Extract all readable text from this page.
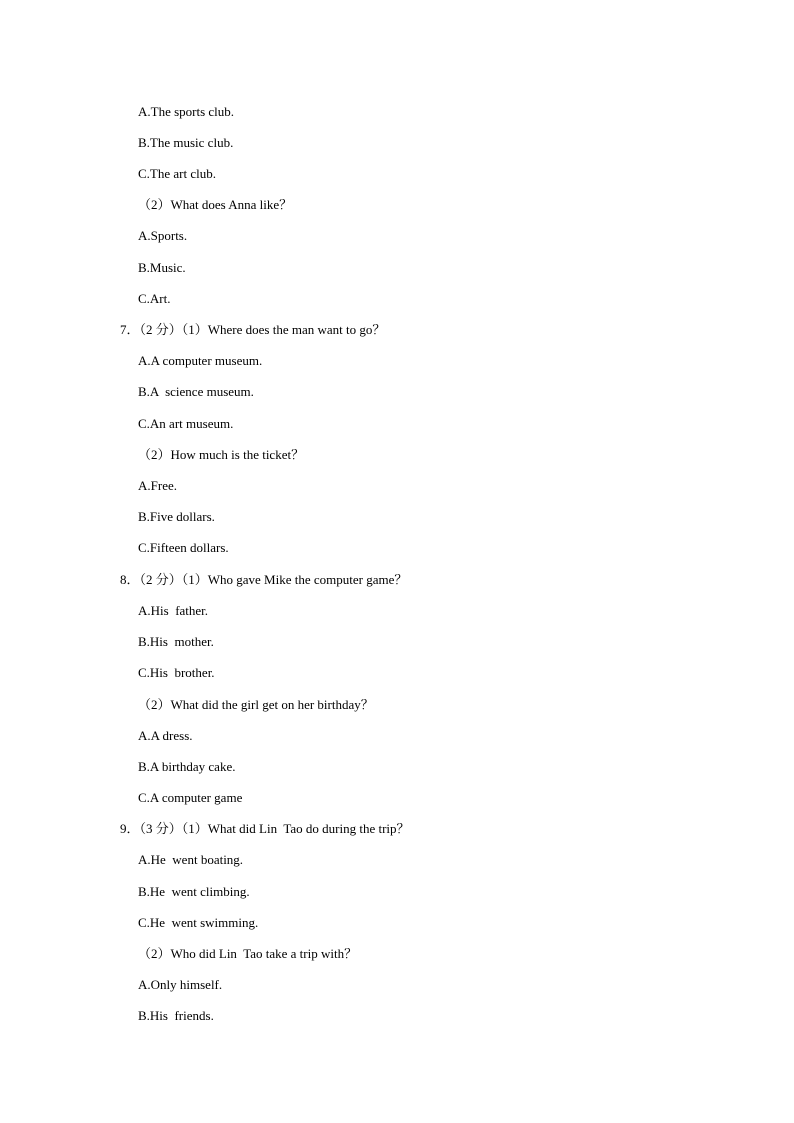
A.The sports club.
B.The music club.
C.The art club.
（2）What does Anna like？
A.Sports.
B.Music.
C.Art.
7．（2 分）（1）Where does the man want to go？
A.A computer museum.
B.A  science museum.
C.An art museum.
（2）How much is the ticket？
A.Free.
B.Five dollars.
C.Fifteen dollars.
8．（2 分）（1）Who gave Mike the computer game？
A.His  father.
B.His  mother.
C.His  brother.
（2）What did the girl get on her birthday？
A.A dress.
B.A birthday cake.
C.A computer game
9．（3 分）（1）What did Lin  Tao do during the trip？
A.He  went boating.
B.He  went climbing.
C.He  went swimming.
（2）Who did Lin  Tao take a trip with？
A.Only himself.
B.His  friends.
